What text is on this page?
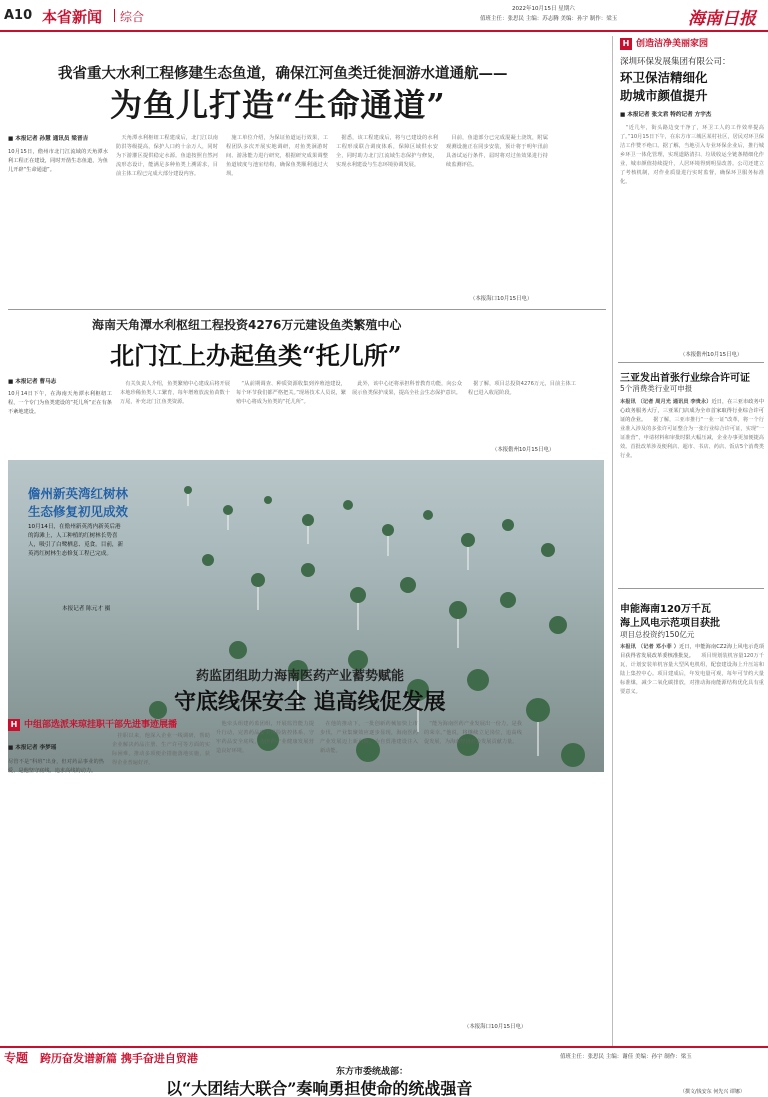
A10 本省新闻 综合
2022年10月15日 星期六
值班主任：张思民 主编：苏志腾 美编：孙宇 制作：梁玉	海南日报
我省重大水利工程修建生态鱼道，确保江河鱼类迁徙洄游水道通航——
为鱼儿打造“生命通道”
■ 本报记者 孙慧 通讯员 梁晋吉
10月15日，儋州市北门江流域的天角潭水利工程正在建设，同时开凿生态鱼道，为鱼儿开辟“生命通道”。
　天角潭水利枢纽工程建成后，北门江以南防洪等级提高，保护人口约十余万人，同时为下游灌区提供稳定水源。鱼道按照自然河流形态设计，能满足多种鱼类上溯需求，目前主体工程已完成大部分建设内容。
　施工单位介绍，为保证鱼道运行效果，工程团队多次开展实地调研，对鱼类洄游时间、游泳能力进行研究，根据研究成果调整鱼道坡度与池室结构，确保鱼类顺利通过大坝。
　据悉，该工程建成后，将与已建设的水利工程形成联合调度体系，保障区域供水安全，同时助力北门江流域生态保护与修复，实现水利建设与生态环境协调发展。
　目前，鱼道部分已完成混凝土浇筑，附属观测设施正在同步安装，预计将于明年汛前具备试运行条件，届时将对过鱼效果进行持续监测评估。
（本报海口10月15日电）
海南天角潭水利枢纽工程投资4276万元建设鱼类繁殖中心
北门江上办起鱼类“托儿所”
■ 本报记者 曹马志
10月14日下午，在海南天角潭水利枢纽工程，一个专门为鱼类建设的“托儿所”正在有条不紊地建设。
　有关负责人介绍，鱼类繁殖中心建成后将开展本地珍稀鱼类人工繁育，每年增殖放流鱼苗数十万尾，补充北门江鱼类资源。
　“从前期调查、种质资源收集到养殖池建设，每个环节我们都严格把关。”现场技术人员说，繁殖中心将成为鱼类的“托儿所”。
　此外，该中心还将承担科普教育功能，向公众展示鱼类保护成果，提高全社会生态保护意识。
　据了解，项目总投资4276万元，目前主体工程已进入收尾阶段。
（本报儋州10月15日电）
儋州新英湾红树林
生态修复初见成效
10月14日，在儋州新英湾内新英后港的海滩上，人工种植的红树林长势喜人，吸引了白鹭栖息、觅食。目前，新英湾红树林生态修复工程已完成。
本报记者 陈元才 摄
药监团组助力海南医药产业蓄势赋能
守底线保安全 追高线促发展
H 中组部选派来琼挂职干部先进事迹展播
■ 本报记者 李梦瑶
尽管不是“科班”出身，但对药品事业的热爱，是他坚守底线、追求高线的动力。
　挂职以来，他深入企业一线调研，帮助企业解决药品注册、生产许可等方面的实际困难，推动多项便企措施落地实施，获得企业普遍好评。
　他牵头组建药监团组，开展监管能力提升行动，完善药品安全风险防控体系，守牢药品安全底线，为医药产业健康发展营造良好环境。
　在他的推动下，一批创新药械加快上市步伐，产业集聚效应逐步显现，海南医药产业发展迈上新台阶，为自贸港建设注入新动能。
　“能为海南医药产业发展出一份力，是我的荣幸。”他说，将继续立足岗位，追高线促发展，为海南经济社会发展贡献力量。
（本报海口10月15日电）
H 创造洁净美丽家园
深圳环保发展集团有限公司：
环卫保洁精细化
助城市颜值提升
■ 本报记者 张文君 特约记者 方宇杰
　“近几年，街头路边变干净了，环卫工人的工作效率提高了。”10月15日下午，在东方市三城区某村社区，居民对环卫保洁工作赞不绝口。据了解，当地引入专业环保企业后，推行城乡环卫一体化管理，实现道路清扫、垃圾收运全链条精细化作业，城市颜值持续提升，人居环境得到明显改善。公司还建立了考核机制，对作业质量进行实时监督，确保环卫服务标准化。
（本报儋州10月15日电）
三亚发出首张行业综合许可证
5个消费类行业可申报
本报讯 （记者 周月光 通讯员 李贵永）近日，在三亚市政务中心政务服务大厅，三亚某门店成为全市首家取得行业综合许可证的企业。 　据了解，三亚市推行“一业一证”改革，将一个行业准入涉及的多张许可证整合为一张行业综合许可证，实现“一证准营”，申请材料和审批时限大幅压减，企业办事更加便捷高效。首批改革涉及便利店、超市、书店、药店、饭店5个消费类行业。
申能海南120万千瓦
海上风电示范项目获批
项目总投资约150亿元
本报讯 （记者 邓小菲 ）近日，申能海南CZ2海上风电示范项目获得省发展改革委核准批复。 　项目规划装机容量120万千瓦，计划安装单机容量大型风电机组，配套建设海上升压站和陆上集控中心。项目建成后，年发电量可观，每年可节约大量标准煤，减少二氧化碳排放，对推动海南能源结构优化具有重要意义。
专题 跨历奋发谱新篇 携手奋进自贸港	值班主任：张思民 主编：谢佳 美编：孙宇 制作：梁玉
东方市委统战部：
以“大团结大联合”奏响勇担使命的统战强音	（撰文/钱安东 何先兴 谭娜）
